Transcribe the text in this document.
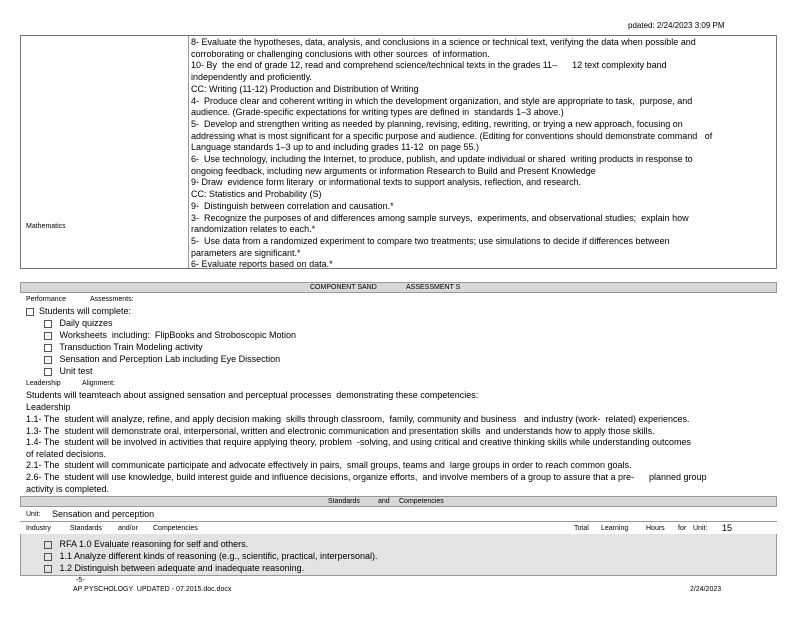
pdated: 2/24/2023 3:09 PM
Mathematics
8- Evaluate the hypotheses, data, analysis, and conclusions in a science or technical text, verifying the data when possible and
corroborating or challenging conclusions with other sources  of information.
10- By  the end of grade 12, read and comprehend science/technical texts in the grades 11–      12 text complexity band
independently and proficiently.
CC: Writing (11-12) Production and Distribution of Writing
4-  Produce clear and coherent writing in which the development organization, and style are appropriate to task,  purpose, and
audience. (Grade-specific expectations for writing types are defined in  standards 1–3 above.)
5-  Develop and strengthen writing as needed by planning, revising, editing, rewriting, or trying a new approach, focusing on
addressing what is most significant for a specific purpose and audience. (Editing for conventions should demonstrate command   of
Language standards 1–3 up to and including grades 11-12  on page 55.)
6-  Use technology, including the Internet, to produce, publish, and update individual or shared  writing products in response to
ongoing feedback, including new arguments or information Research to Build and Present Knowledge
9- Draw  evidence form literary  or informational texts to support analysis, reflection, and research.
CC: Statistics and Probability (S)
9-  Distinguish between correlation and causation.*
3-  Recognize the purposes of and differences among sample surveys,  experiments, and observational studies;  explain how
randomization relates to each.*
5-  Use data from a randomized experiment to compare two treatments; use simulations to decide if differences between
parameters are significant.*
6- Evaluate reports based on data.*
COMPONENT SAND	ASSESSMENT S
Performance	Assessments:
Students will complete:
Daily quizzes
Worksheets  including:  FlipBooks and Stroboscopic Motion
Transduction Train Modeling activity
Sensation and Perception Lab including Eye Dissection
Unit test
Leadership	Alignment:
Students will teamteach about assigned sensation and perceptual processes  demonstrating these competencies:
Leadership
1.1- The  student will analyze, refine, and apply decision making  skills through classroom,  family, community and business   and industry (work-  related) experiences.
1.3- The  student will demonstrate oral, interpersonal, written and electronic communication and presentation skills  and understands how to apply those skills.
1.4- The  student will be involved in activities that require applying theory, problem  -solving, and using critical and creative thinking skills while understanding outcomes
of related decisions.
2.1- The  student will communicate participate and advocate effectively in pairs,  small groups, teams and  large groups in order to reach common goals.
2.6- The  student will use knowledge, build interest guide and influence decisions, organize efforts,  and involve members of a group to assure that a pre-      planned group
activity is completed.
Standards	and Competencies
Unit: Sensation and perception
Industry	Standards and/or Competencies	Total Learning	Hours for Unit: 15
RFA 1.0 Evaluate reasoning for self and others.
1.1 Analyze different kinds of reasoning (e.g., scientific, practical, interpersonal).
1.2 Distinguish between adequate and inadequate reasoning.
-5-
AP PYSCHOLOGY  UPDATED - 07.2015.doc.docx	2/24/2023
